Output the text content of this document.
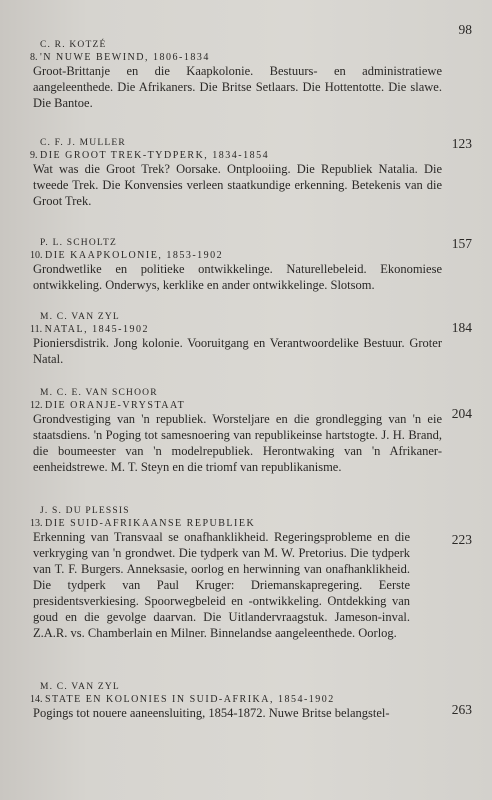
98
C. R. KOTZÉ
8. 'N NUWE BEWIND, 1806-1834
Groot-Brittanje en die Kaapkolonie. Bestuurs- en administratiewe aangeleenthede. Die Afrikaners. Die Britse Setlaars. Die Hottentotte. Die slawe. Die Bantoe.
123
C. F. J. MULLER
9. DIE GROOT TREK-TYDPERK, 1834-1854
Wat was die Groot Trek? Oorsake. Ontplooiing. Die Republiek Natalia. Die tweede Trek. Die Konvensies verleen staatkundige erkenning. Betekenis van die Groot Trek.
157
P. L. SCHOLTZ
10. DIE KAAPKOLONIE, 1853-1902
Grondwetlike en politieke ontwikkelinge. Naturellebeleid. Ekonomiese ontwikkeling. Onderwys, kerklike en ander ontwikkelinge. Slotsom.
184
M. C. VAN ZYL
11. NATAL, 1845-1902
Pioniersdistrik. Jong kolonie. Vooruitgang en Verantwoordelike Bestuur. Groter Natal.
204
M. C. E. VAN SCHOOR
12. DIE ORANJE-VRYSTAAT
Grondvestiging van 'n republiek. Worsteljare en die grondlegging van 'n eie staatsdiens. 'n Poging tot samesnoering van republikeinse hartstogte. J. H. Brand, die boumeester van 'n modelrepubliek. Herontwaking van 'n Afrikaner-eenheidstrewe. M. T. Steyn en die triomf van republikanisme.
223
J. S. DU PLESSIS
13. DIE SUID-AFRIKAANSE REPUBLIEK
Erkenning van Transvaal se onafhanklikheid. Regeringsprobleme en die verkryging van 'n grondwet. Die tydperk van M. W. Pretorius. Die tydperk van T. F. Burgers. Anneksasie, oorlog en herwinning van onafhanklikheid. Die tydperk van Paul Kruger: Driemanskapregering. Eerste presidentsverkiesing. Spoorwegbeleid en -ontwikkeling. Ontdekking van goud en die gevolge daarvan. Die Uitlandervraagstuk. Jameson-inval. Z.A.R. vs. Chamberlain en Milner. Binnelandse aangeleenthede. Oorlog.
263
M. C. VAN ZYL
14. STATE EN KOLONIES IN SUID-AFRIKA, 1854-1902
Pogings tot nouere aaneensluiting, 1854-1872. Nuwe Britse belangstel-
